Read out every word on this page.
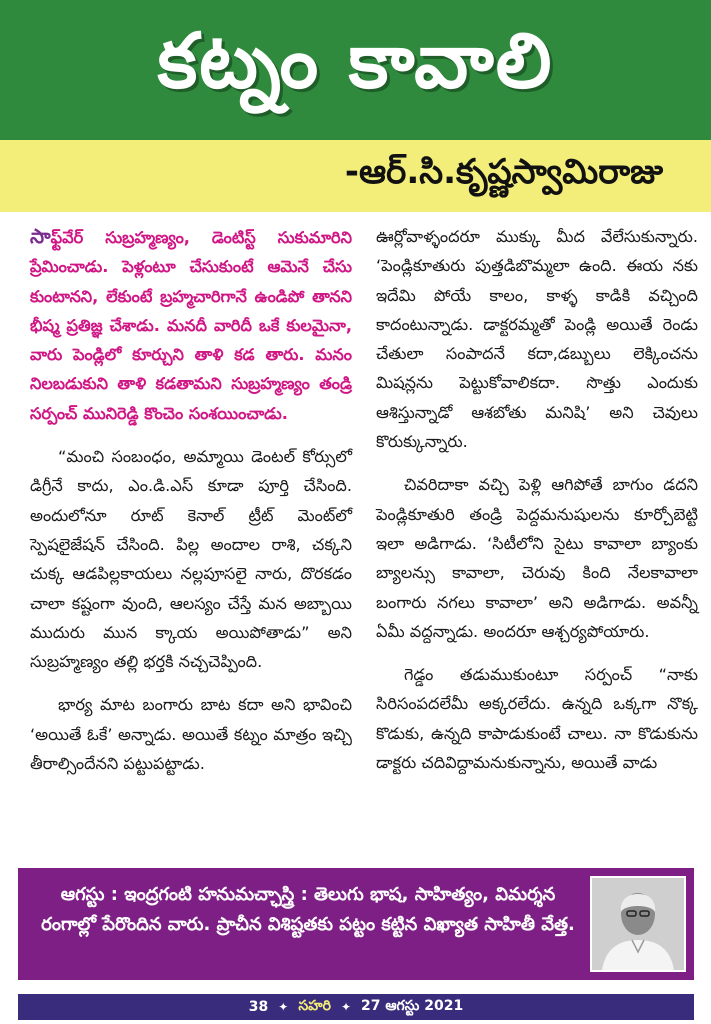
కట్నం కావాలి
-ఆర్.సి.కృష్ణస్వామిరాజు

సాఫ్ట్‌వేర్ సుబ్రహ్మణ్యం, డెంటిస్ట్ సుకుమారిని ప్రేమించాడు. పెళ్లంటూ చేసుకుంటే ఆమెనే చేసు కుంటానని, లేకుంటే బ్రహ్మచారిగానే ఉండిపో తానని భీష్మ ప్రతిజ్ఞ చేశాడు. మనదీ వారిదీ ఒకే కులమైనా, వారు పెండ్లిలో కూర్చుని తాళి కడ తారు. మనం నిలబడుకుని తాళి కడతామని సుబ్రహ్మణ్యం తండ్రి సర్పంచ్ మునిరెడ్డి కొంచెం సంశయించాడు.

“మంచి సంబంధం, అమ్మాయి డెంటల్ కోర్సులో డిగ్రీనే కాదు, ఎం.డి.ఎస్ కూడా పూర్తి చేసింది. అందులోనూ రూట్ కెనాల్ ట్రీట్ మెంట్‌లో స్పెషలైజేషన్ చేసింది. పిల్ల అందాల రాశి, చక్కని చుక్క ఆడపిల్లకాయలు నల్లపూసలై నారు, దొరకడం చాలా కష్టంగా వుంది, ఆలస్యం చేస్తే మన అబ్బాయి ముదురు మున క్కాయ అయిపోతాడు” అని సుబ్రహ్మణ్యం తల్లి భర్తకి నచ్చచెప్పింది.

భార్య మాట బంగారు బాట కదా అని భావించి ‘అయితే ఓకే’ అన్నాడు. అయితే కట్నం మాత్రం ఇచ్చి తీరాల్సిందేనని పట్టుపట్టాడు.

ఊర్లోవాళ్ళందరూ ముక్కు మీద వేలేసుకున్నారు. ‘పెండ్లికూతురు పుత్తడిబొమ్మలా ఉంది. ఈయ నకు ఇదేమి పోయే కాలం, కాళ్ళ కాడికి వచ్చింది కాదంటున్నాడు. డాక్టరమ్మతో పెండ్లి అయితే రెండు చేతులా సంపాదనే కదా,డబ్బులు లెక్కించను మిషన్లను పెట్టుకోవాలికదా. సొత్తు ఎందుకు ఆశిస్తున్నాడో ఆశబోతు మనిషి’ అని చెవులు కొరుక్కున్నారు.

చివరిదాకా వచ్చి పెళ్లి ఆగిపోతే బాగుం డదని పెండ్లికూతురి తండ్రి పెద్దమనుషులను కూర్చోబెట్టి ఇలా అడిగాడు. ‘సిటీలోని సైటు కావాలా బ్యాంకు బ్యాలన్సు కావాలా, చెరువు కింది నేలకావాలా బంగారు నగలు కావాలా’ అని అడిగాడు. అవన్నీ ఏమీ వద్దన్నాడు. అందరూ ఆశ్చర్యపోయారు.

గెడ్డం తడుముకుంటూ సర్పంచ్ “నాకు సిరిసంపదలేమీ అక్కరలేదు. ఉన్నది ఒక్కగా నొక్క కొడుకు, ఉన్నది కాపాడుకుంటే చాలు. నా కొడుకును డాక్టరు చదివిద్దామనుకున్నాను, అయితే వాడు

ఆగస్టు : ఇంద్రగంటి హనుమచ్ఛాస్త్రి : తెలుగు భాష, సాహిత్యం, విమర్శన రంగాల్లో పేరొందిన వారు. ప్రాచీన విశిష్టతకు పట్టం కట్టిన విఖ్యాత సాహితీ వేత్త.

38 ✦ సహరి ✦ 27 ఆగస్టు 2021
